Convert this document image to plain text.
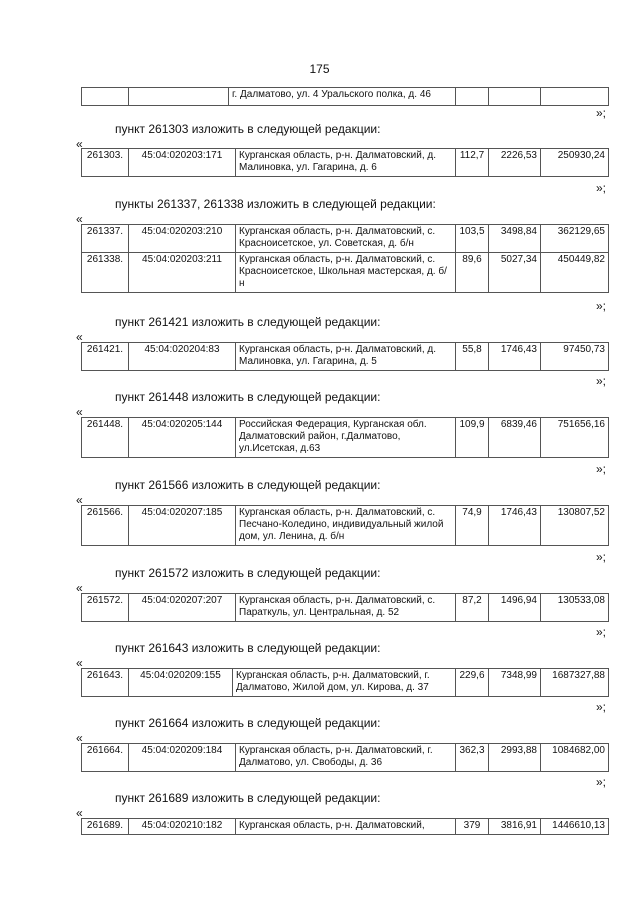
175
		г. Далматово, ул. 4 Уральского полка, д. 46			
»;
пункт 261303 изложить в следующей редакции:
«
261303.	45:04:020203:171	Курганская область, р-н. Далматовский, д. Малиновка, ул. Гагарина, д. 6	112,7	2226,53	250930,24
»;
пункты 261337, 261338 изложить в следующей редакции:
«
261337.	45:04:020203:210	Курганская область, р-н. Далматовский, с. Красноисетское, ул. Советская, д. б/н	103,5	3498,84	362129,65
261338.	45:04:020203:211	Курганская область, р-н. Далматовский, с. Красноисетское, Школьная мастерская, д. б/н	89,6	5027,34	450449,82
»;
пункт 261421 изложить в следующей редакции:
«
261421.	45:04:020204:83	Курганская область, р-н. Далматовский, д. Малиновка, ул. Гагарина, д. 5	55,8	1746,43	97450,73
»;
пункт 261448 изложить в следующей редакции:
«
261448.	45:04:020205:144	Российская Федерация, Курганская обл. Далматовский район, г.Далматово, ул.Исетская, д.63	109,9	6839,46	751656,16
»;
пункт 261566 изложить в следующей редакции:
«
261566.	45:04:020207:185	Курганская область, р-н. Далматовский, с. Песчано-Коледино, индивидуальный жилой дом, ул. Ленина, д. б/н	74,9	1746,43	130807,52
»;
пункт 261572 изложить в следующей редакции:
«
261572.	45:04:020207:207	Курганская область, р-н. Далматовский, с. Параткуль, ул. Центральная, д. 52	87,2	1496,94	130533,08
»;
пункт 261643 изложить в следующей редакции:
«
261643.	45:04:020209:155	Курганская область, р-н. Далматовский, г. Далматово, Жилой дом, ул. Кирова, д. 37	229,6	7348,99	1687327,88
»;
пункт 261664 изложить в следующей редакции:
«
261664.	45:04:020209:184	Курганская область, р-н. Далматовский, г. Далматово, ул. Свободы, д. 36	362,3	2993,88	1084682,00
»;
пункт 261689 изложить в следующей редакции:
«
261689.	45:04:020210:182	Курганская область, р-н. Далматовский,	379	3816,91	1446610,13
